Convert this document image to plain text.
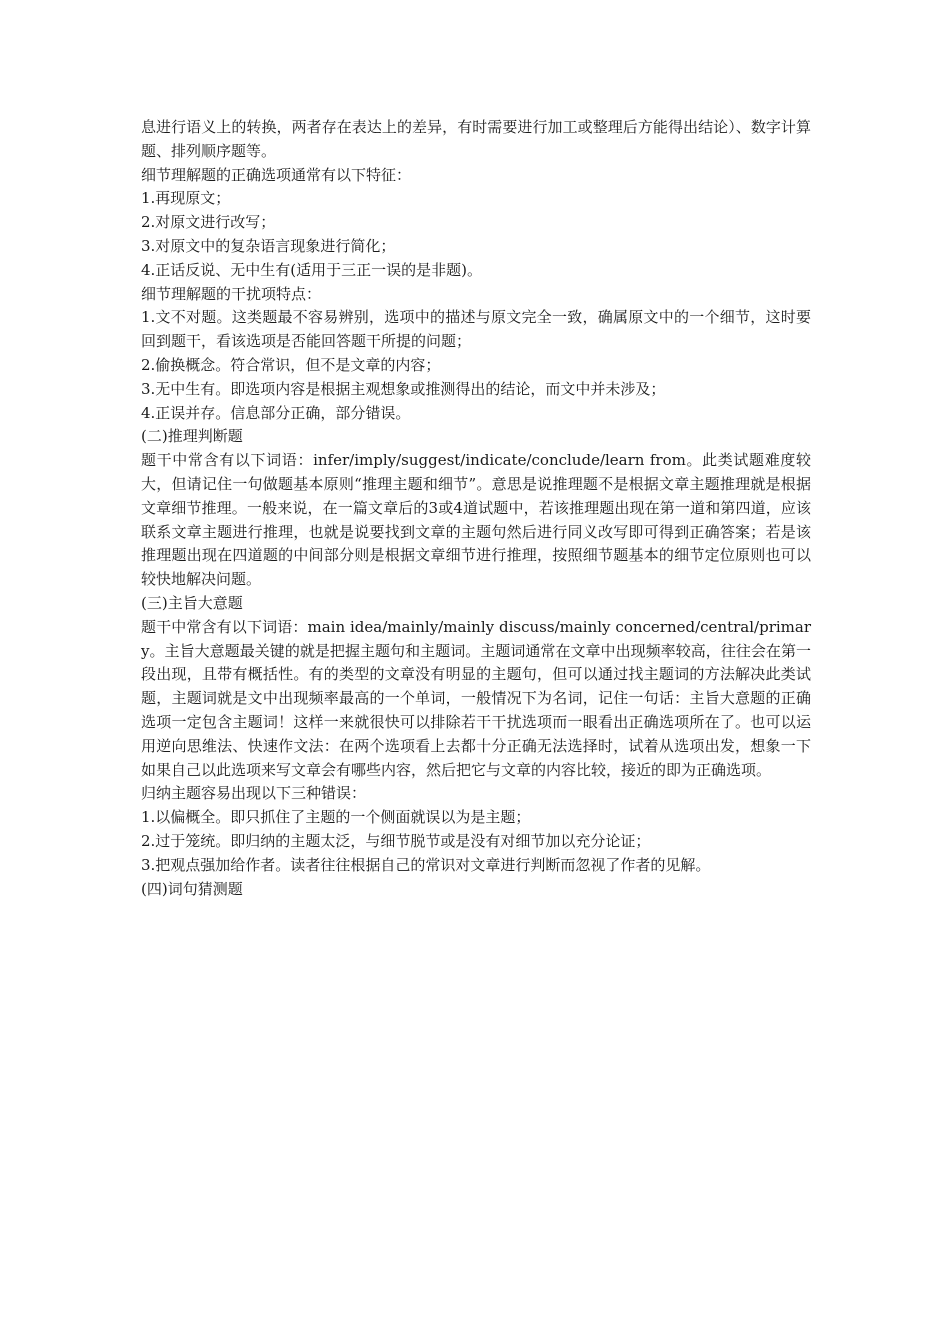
息进行语义上的转换，两者存在表达上的差异，有时需要进行加工或整理后方能得出结论）、数字计算题、排列顺序题等。

细节理解题的正确选项通常有以下特征：

1.再现原文；

2.对原文进行改写；

3.对原文中的复杂语言现象进行简化；

4.正话反说、无中生有(适用于三正一误的是非题)。

细节理解题的干扰项特点：

1.文不对题。这类题最不容易辨别，选项中的描述与原文完全一致，确属原文中的一个细节，这时要回到题干，看该选项是否能回答题干所提的问题；

2.偷换概念。符合常识，但不是文章的内容；

3.无中生有。即选项内容是根据主观想象或推测得出的结论，而文中并未涉及；

4.正误并存。信息部分正确，部分错误。

(二)推理判断题

题干中常含有以下词语：infer/imply/suggest/indicate/conclude/learn from。此类试题难度较大，但请记住一句做题基本原则“推理主题和细节”。意思是说推理题不是根据文章主题推理就是根据文章细节推理。一般来说，在一篇文章后的3或4道试题中，若该推理题出现在第一道和第四道，应该联系文章主题进行推理，也就是说要找到文章的主题句然后进行同义改写即可得到正确答案；若是该推理题出现在四道题的中间部分则是根据文章细节进行推理，按照细节题基本的细节定位原则也可以较快地解决问题。

(三)主旨大意题

题干中常含有以下词语：main idea/mainly/mainly discuss/mainly concerned/central/primary。主旨大意题最关键的就是把握主题句和主题词。主题词通常在文章中出现频率较高，往往会在第一段出现，且带有概括性。有的类型的文章没有明显的主题句，但可以通过找主题词的方法解决此类试题，主题词就是文中出现频率最高的一个单词，一般情况下为名词，记住一句话：主旨大意题的正确选项一定包含主题词！这样一来就很快可以排除若干干扰选项而一眼看出正确选项所在了。也可以运用逆向思维法、快速作文法：在两个选项看上去都十分正确无法选择时，试着从选项出发，想象一下如果自己以此选项来写文章会有哪些内容，然后把它与文章的内容比较，接近的即为正确选项。

归纳主题容易出现以下三种错误：

1.以偏概全。即只抓住了主题的一个侧面就误以为是主题；

2.过于笼统。即归纳的主题太泛，与细节脱节或是没有对细节加以充分论证；

3.把观点强加给作者。读者往往根据自己的常识对文章进行判断而忽视了作者的见解。

(四)词句猜测题
